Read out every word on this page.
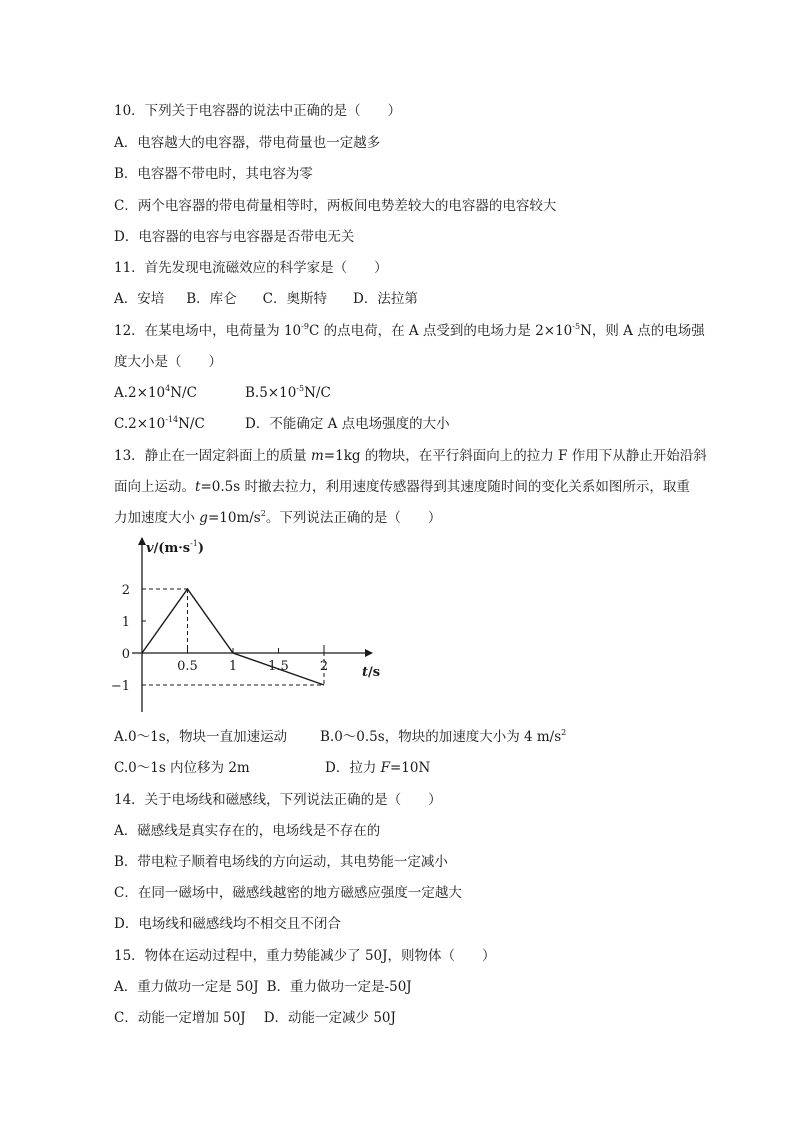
10．下列关于电容器的说法中正确的是（　　）
A．电容越大的电容器，带电荷量也一定越多
B．电容器不带电时，其电容为零
C．两个电容器的带电荷量相等时，两板间电势差较大的电容器的电容较大
D．电容器的电容与电容器是否带电无关
11．首先发现电流磁效应的科学家是（　　）
A．安培 B．库仑 C．奥斯特 D．法拉第
12．在某电场中，电荷量为 $10^{-9}C$ 的点电荷，在 A 点受到的电场力是 $2\times 10^{-5}N$，则 A 点的电场强
度大小是（　　）
$A.2\times 10^4N/C$	$B.5\times 10^{-5}N/C$
$C.2\times 10^{-14}N/C$	D．不能确定 A 点电场强度的大小
13．静止在一固定斜面上的质量 m=1kg 的物块，在平行斜面向上的拉力 F 作用下从静止开始沿斜
面向上运动。t=0.5s 时撤去拉力，利用速度传感器得到其速度随时间的变化关系如图所示，取重
力加速度大小 $g=10m/s^2$。下列说法正确的是（　　）
$v/(m\cdot s^{-1})$
t/s
0.5 1 1.5 2
2
1
0
−1
A.0～1s，物块一直加速运动 B.0～0.5s，物块的加速度大小为 4 $m/s^2$
C.0～1s 内位移为 2m	D．拉力 F=10N
14．关于电场线和磁感线，下列说法正确的是（　　）
A．磁感线是真实存在的，电场线是不存在的
B．带电粒子顺着电场线的方向运动，其电势能一定减小
C．在同一磁场中，磁感线越密的地方磁感应强度一定越大
D．电场线和磁感线均不相交且不闭合
15．物体在运动过程中，重力势能减少了 50J，则物体（　　）
A．重力做功一定是 50J B．重力做功一定是-50J
C．动能一定增加 50J D．动能一定减少 50J
